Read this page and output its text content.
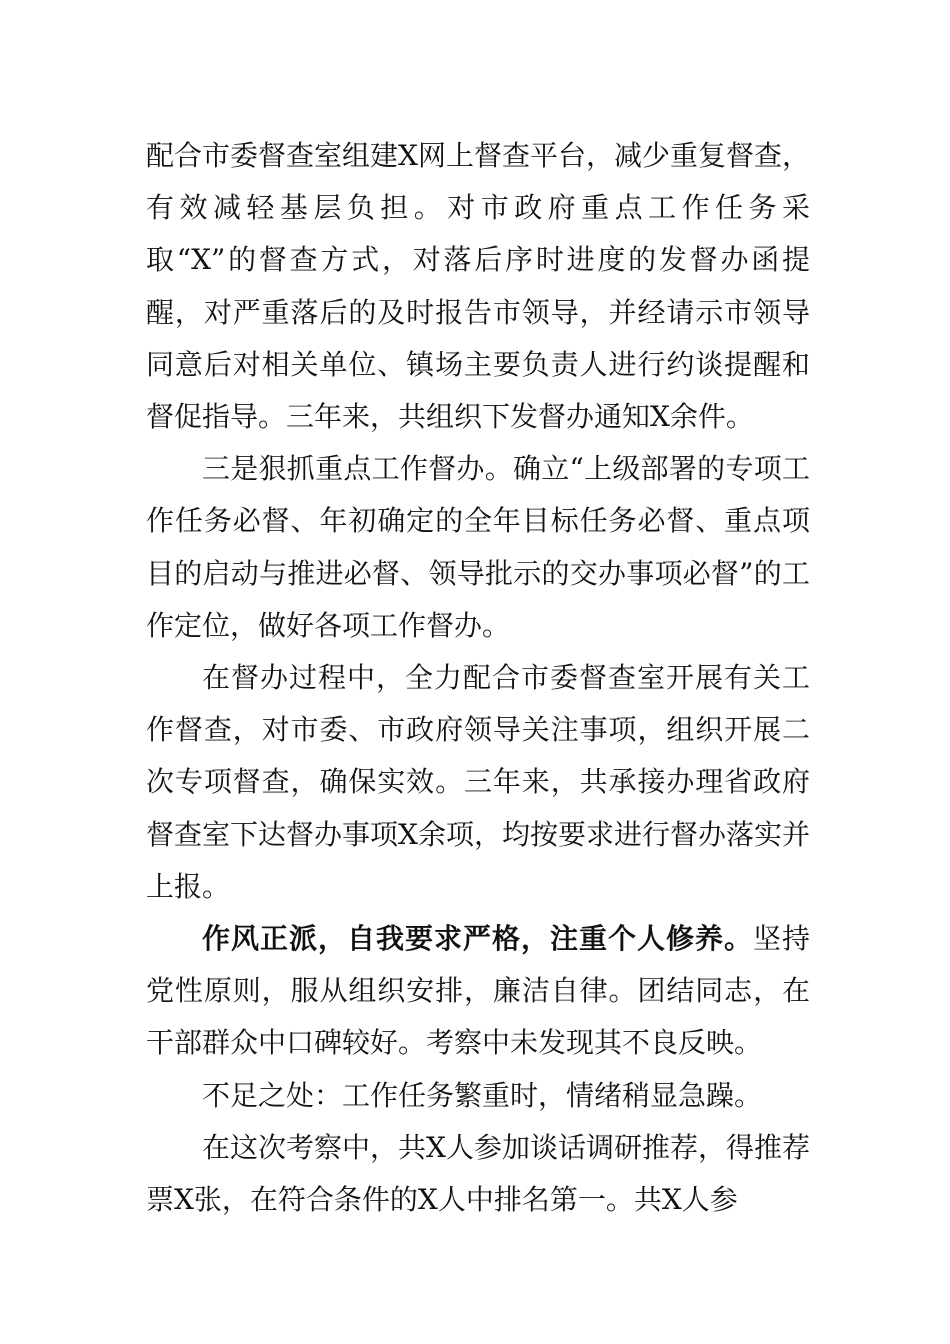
配合市委督查室组建X网上督查平台，减少重复督查，有效减轻基层负担。对市政府重点工作任务采取“X”的督查方式，对落后序时进度的发督办函提醒，对严重落后的及时报告市领导，并经请示市领导同意后对相关单位、镇场主要负责人进行约谈提醒和督促指导。三年来，共组织下发督办通知X余件。

三是狠抓重点工作督办。确立“上级部署的专项工作任务必督、年初确定的全年目标任务必督、重点项目的启动与推进必督、领导批示的交办事项必督”的工作定位，做好各项工作督办。

在督办过程中，全力配合市委督查室开展有关工作督查，对市委、市政府领导关注事项，组织开展二次专项督查，确保实效。三年来，共承接办理省政府督查室下达督办事项X余项，均按要求进行督办落实并上报。

作风正派，自我要求严格，注重个人修养。坚持党性原则，服从组织安排，廉洁自律。团结同志，在干部群众中口碑较好。考察中未发现其不良反映。

不足之处：工作任务繁重时，情绪稍显急躁。

在这次考察中，共X人参加谈话调研推荐，得推荐票X张，在符合条件的X人中排名第一。共X人参
